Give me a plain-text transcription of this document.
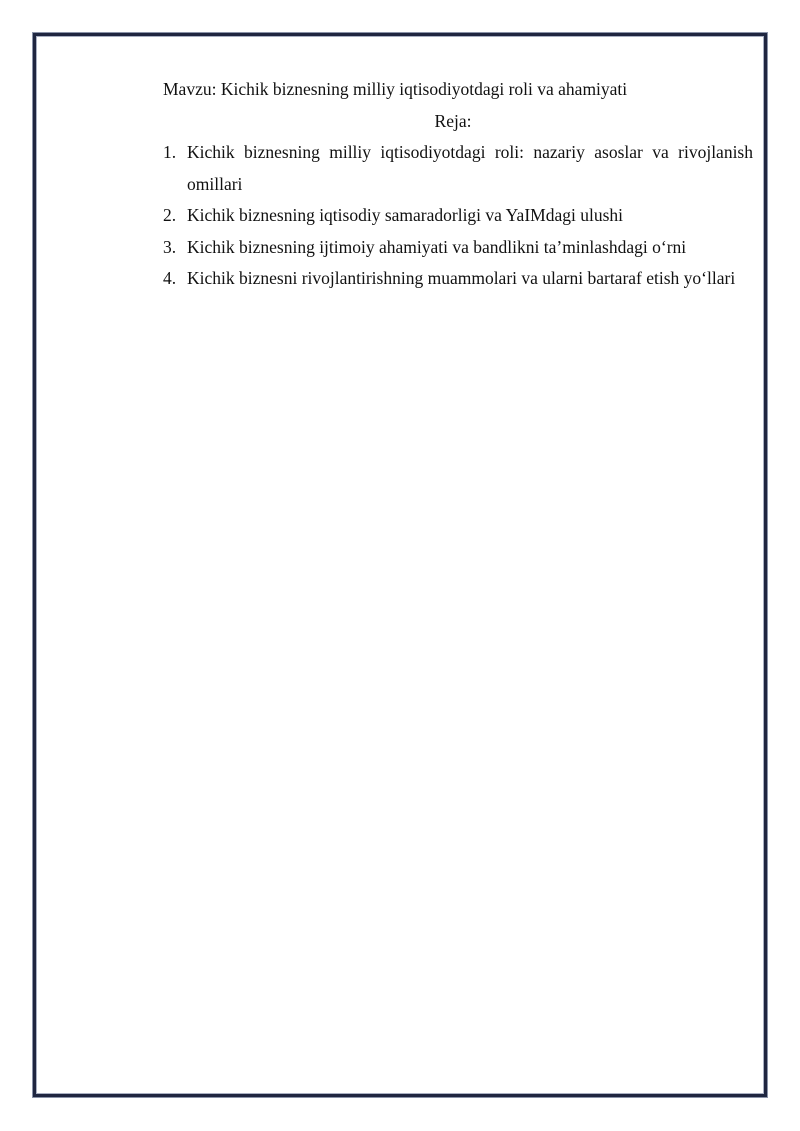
Mavzu: Kichik biznesning milliy iqtisodiyotdagi roli va ahamiyati
Reja:
1. Kichik biznesning milliy iqtisodiyotdagi roli: nazariy asoslar va rivojlanish omillari
2. Kichik biznesning iqtisodiy samaradorligi va YaIMdagi ulushi
3. Kichik biznesning ijtimoiy ahamiyati va bandlikni ta’minlashdagi o‘rni
4. Kichik biznesni rivojlantirishning muammolari va ularni bartaraf etish yo‘llari
